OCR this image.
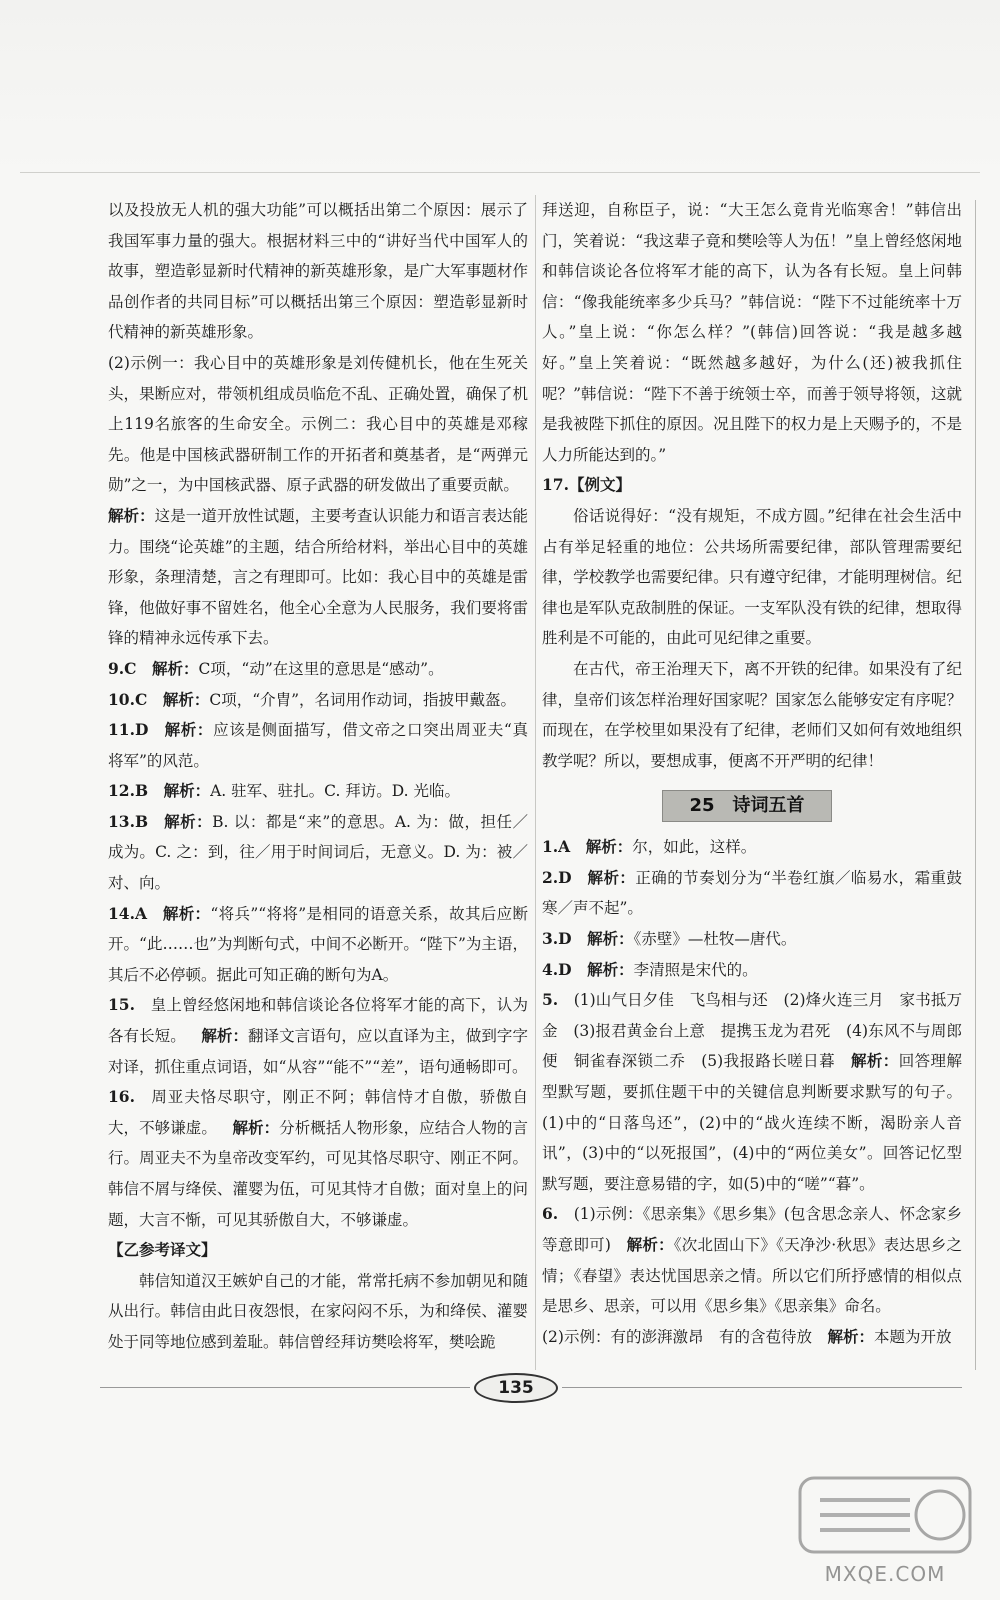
以及投放无人机的强大功能”可以概括出第二个原因：展示了我国军事力量的强大。根据材料三中的“讲好当代中国军人的故事，塑造彰显新时代精神的新英雄形象，是广大军事题材作品创作者的共同目标”可以概括出第三个原因：塑造彰显新时代精神的新英雄形象。

(2)示例一：我心目中的英雄形象是刘传健机长，他在生死关头，果断应对，带领机组成员临危不乱、正确处置，确保了机上119名旅客的生命安全。示例二：我心目中的英雄是邓稼先。他是中国核武器研制工作的开拓者和奠基者，是“两弹元勋”之一，为中国核武器、原子武器的研发做出了重要贡献。

解析：这是一道开放性试题，主要考查认识能力和语言表达能力。围绕“论英雄”的主题，结合所给材料，举出心目中的英雄形象，条理清楚，言之有理即可。比如：我心目中的英雄是雷锋，他做好事不留姓名，他全心全意为人民服务，我们要将雷锋的精神永远传承下去。

9.C  解析：C项，“动”在这里的意思是“感动”。

10.C  解析：C项，“介胄”，名词用作动词，指披甲戴盔。

11.D  解析：应该是侧面描写，借文帝之口突出周亚夫“真将军”的风范。

12.B  解析：A. 驻军、驻扎。C. 拜访。D. 光临。

13.B  解析：B. 以：都是“来”的意思。A. 为：做，担任／成为。C. 之：到，往／用于时间词后，无意义。D. 为：被／对、向。

14.A  解析：“将兵”“将将”是相同的语意关系，故其后应断开。“此……也”为判断句式，中间不必断开。“陛下”为主语，其后不必停顿。据此可知正确的断句为A。

15.  皇上曾经悠闲地和韩信谈论各位将军才能的高下，认为各有长短。  解析：翻译文言语句，应以直译为主，做到字字对译，抓住重点词语，如“从容”“能不”“差”，语句通畅即可。

16.  周亚夫恪尽职守，刚正不阿；韩信恃才自傲，骄傲自大，不够谦虚。  解析：分析概括人物形象，应结合人物的言行。周亚夫不为皇帝改变军约，可见其恪尽职守、刚正不阿。韩信不屑与绛侯、灌婴为伍，可见其恃才自傲；面对皇上的问题，大言不惭，可见其骄傲自大，不够谦虚。

【乙参考译文】

韩信知道汉王嫉妒自己的才能，常常托病不参加朝见和随从出行。韩信由此日夜怨恨，在家闷闷不乐，为和绛侯、灌婴处于同等地位感到羞耻。韩信曾经拜访樊哙将军，樊哙跪

拜送迎，自称臣子，说：“大王怎么竟肯光临寒舍！”韩信出门，笑着说：“我这辈子竟和樊哙等人为伍！”皇上曾经悠闲地和韩信谈论各位将军才能的高下，认为各有长短。皇上问韩信：“像我能统率多少兵马？”韩信说：“陛下不过能统率十万人。”皇上说：“你怎么样？”(韩信)回答说：“我是越多越好。”皇上笑着说：“既然越多越好，为什么(还)被我抓住呢？”韩信说：“陛下不善于统领士卒，而善于领导将领，这就是我被陛下抓住的原因。况且陛下的权力是上天赐予的，不是人力所能达到的。”

17.【例文】

俗话说得好：“没有规矩，不成方圆。”纪律在社会生活中占有举足轻重的地位：公共场所需要纪律，部队管理需要纪律，学校教学也需要纪律。只有遵守纪律，才能明理树信。纪律也是军队克敌制胜的保证。一支军队没有铁的纪律，想取得胜利是不可能的，由此可见纪律之重要。

在古代，帝王治理天下，离不开铁的纪律。如果没有了纪律，皇帝们该怎样治理好国家呢？国家怎么能够安定有序呢？而现在，在学校里如果没有了纪律，老师们又如何有效地组织教学呢？所以，要想成事，便离不开严明的纪律！

25 诗词五首

1.A  解析：尔，如此，这样。

2.D  解析：正确的节奏划分为“半卷红旗／临易水，霜重鼓寒／声不起”。

3.D  解析：《赤壁》—杜牧—唐代。

4.D  解析：李清照是宋代的。

5.  (1)山气日夕佳　飞鸟相与还　(2)烽火连三月　家书抵万金　(3)报君黄金台上意　提携玉龙为君死　(4)东风不与周郎便　铜雀春深锁二乔　(5)我报路长嗟日暮  解析：回答理解型默写题，要抓住题干中的关键信息判断要求默写的句子。(1)中的“日落鸟还”，(2)中的“战火连续不断，渴盼亲人音讯”，(3)中的“以死报国”，(4)中的“两位美女”。回答记忆型默写题，要注意易错的字，如(5)中的“嗟”“暮”。

6.  (1)示例：《思亲集》《思乡集》(包含思念亲人、怀念家乡等意即可)  解析：《次北固山下》《天净沙·秋思》表达思乡之情；《春望》表达忧国思亲之情。所以它们所抒感情的相似点是思乡、思亲，可以用《思乡集》《思亲集》命名。

(2)示例：有的澎湃激昂　有的含苞待放  解析：本题为开放

135
MXQE.COM
